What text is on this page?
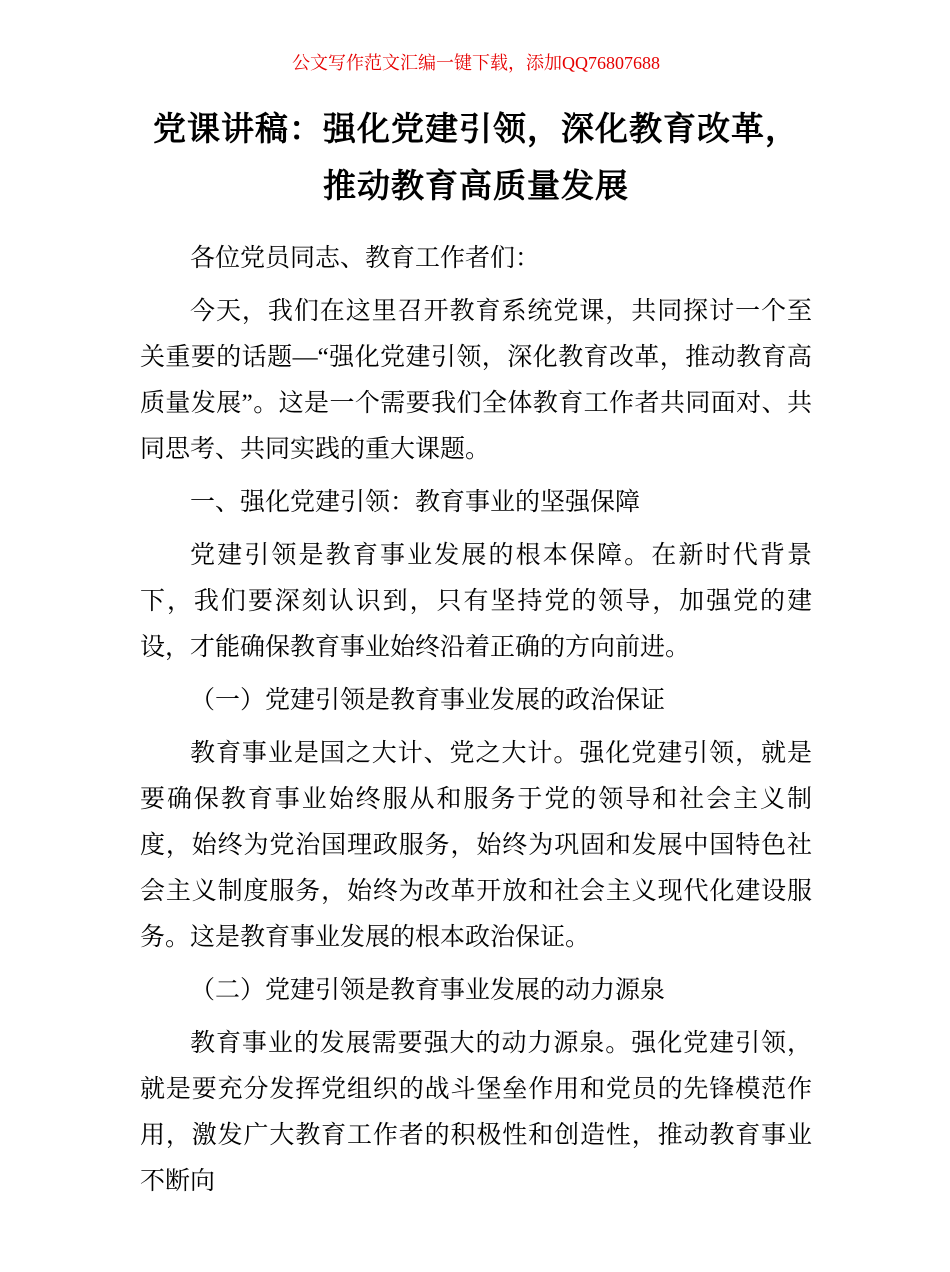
公文写作范文汇编一键下载，添加QQ76807688
党课讲稿：强化党建引领，深化教育改革，推动教育高质量发展

各位党员同志、教育工作者们：

今天，我们在这里召开教育系统党课，共同探讨一个至关重要的话题—“强化党建引领，深化教育改革，推动教育高质量发展”。这是一个需要我们全体教育工作者共同面对、共同思考、共同实践的重大课题。

一、强化党建引领：教育事业的坚强保障

党建引领是教育事业发展的根本保障。在新时代背景下，我们要深刻认识到，只有坚持党的领导，加强党的建设，才能确保教育事业始终沿着正确的方向前进。

（一）党建引领是教育事业发展的政治保证

教育事业是国之大计、党之大计。强化党建引领，就是要确保教育事业始终服从和服务于党的领导和社会主义制度，始终为党治国理政服务，始终为巩固和发展中国特色社会主义制度服务，始终为改革开放和社会主义现代化建设服务。这是教育事业发展的根本政治保证。

（二）党建引领是教育事业发展的动力源泉

教育事业的发展需要强大的动力源泉。强化党建引领，就是要充分发挥党组织的战斗堡垒作用和党员的先锋模范作用，激发广大教育工作者的积极性和创造性，推动教育事业不断向
